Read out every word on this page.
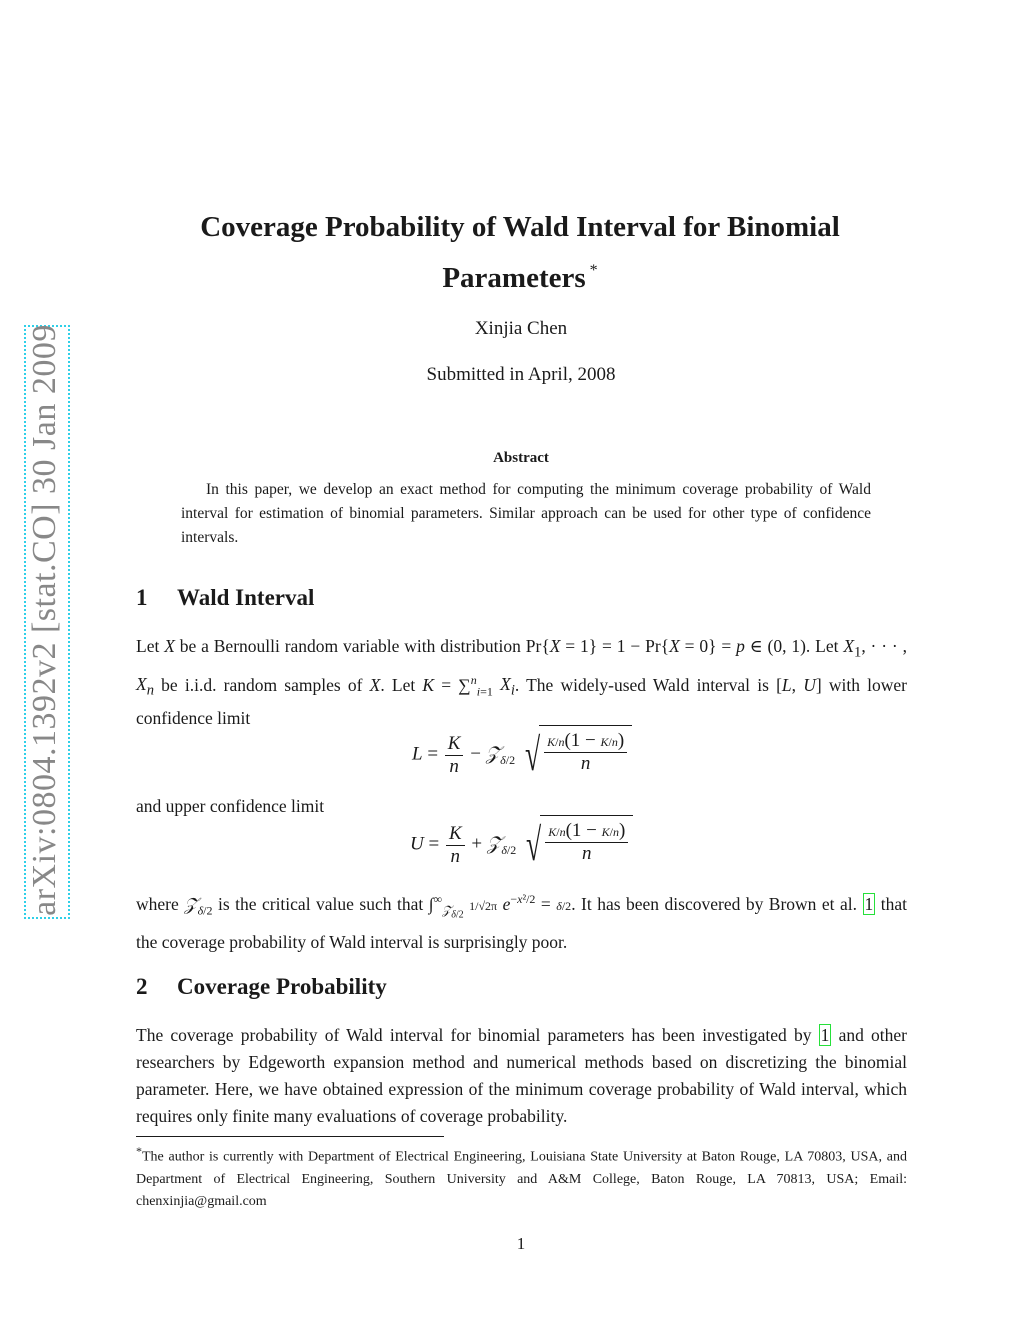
arXiv:0804.1392v2 [stat.CO] 30 Jan 2009
Coverage Probability of Wald Interval for Binomial
Parameters *
Xinjia Chen
Submitted in April, 2008
Abstract

In this paper, we develop an exact method for computing the minimum coverage probability of Wald interval for estimation of binomial parameters. Similar approach can be used for other type of confidence intervals.

1 Wald Interval

Let X be a Bernoulli random variable with distribution Pr{X = 1} = 1 − Pr{X = 0} = p ∈ (0, 1). Let $X_1$, · · · , $X_n$ be i.i.d. random samples of X. Let K = ∑$^n_{i=1}$ $X_i$. The widely-used Wald interval is [L, U] with lower confidence limit

$L = \frac{K}{n}$ − 𝒵$_{\delta/2}$ √ $\frac{K/n(1 - K/n)}{n}$
and upper confidence limit
$U = \frac{K}{n}$ + 𝒵$_{\delta/2}$ √ $\frac{K/n(1 - K/n)}{n}$

where 𝒵$_{\delta/2}$ is the critical value such that $\int^\infty_{𝒵_{\delta/2}}$ 1/√2π $e^{-x^2/2} = \delta/2$. It has been discovered by Brown et al. 1 that the coverage probability of Wald interval is surprisingly poor.

2 Coverage Probability

The coverage probability of Wald interval for binomial parameters has been investigated by 1 and other researchers by Edgeworth expansion method and numerical methods based on discretizing the binomial parameter. Here, we have obtained expression of the minimum coverage probability of Wald interval, which requires only finite many evaluations of coverage probability.

*The author is currently with Department of Electrical Engineering, Louisiana State University at Baton Rouge, LA 70803, USA, and Department of Electrical Engineering, Southern University and A&M College, Baton Rouge, LA 70813, USA; Email: chenxinjia@gmail.com
1
